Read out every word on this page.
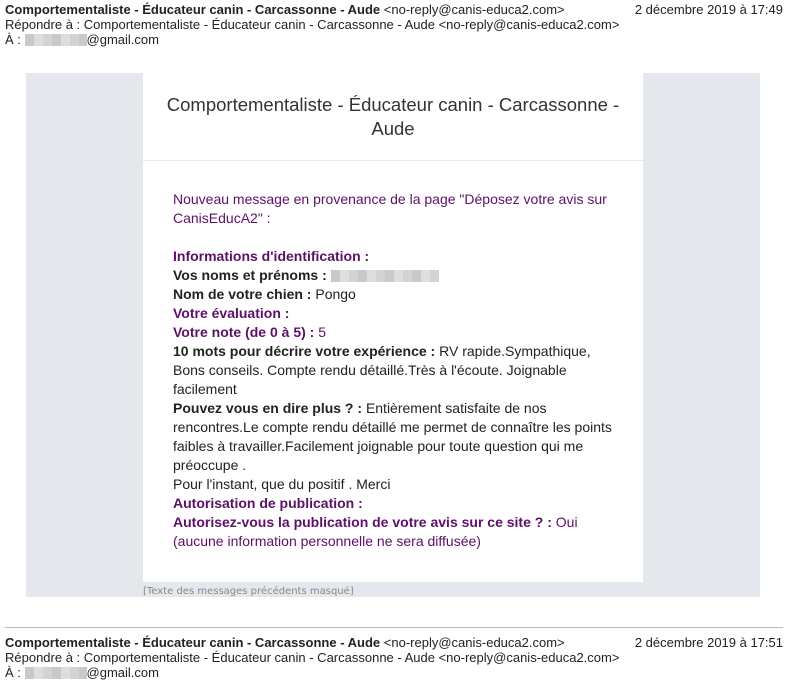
Comportementaliste - Éducateur canin - Carcassonne - Aude <no-reply@canis-educa2.com>	2 décembre 2019 à 17:49
Répondre à : Comportementaliste - Éducateur canin - Carcassonne - Aude <no-reply@canis-educa2.com>
À :	@gmail.com
Comportementaliste - Éducateur canin - Carcassonne - Aude

Nouveau message en provenance de la page "Déposez votre avis sur CanisEducA2" :

Informations d'identification :

Vos noms et prénoms :

Nom de votre chien : Pongo

Votre évaluation :

Votre note (de 0 à 5) : 5

10 mots pour décrire votre expérience : RV rapide.Sympathique, Bons conseils. Compte rendu détaillé.Très à l'écoute. Joignable facilement

Pouvez vous en dire plus ? : Entièrement satisfaite de nos rencontres.Le compte rendu détaillé me permet de connaître les points faibles à travailler.Facilement joignable pour toute question qui me préoccupe .

Pour l'instant, que du positif . Merci

Autorisation de publication :

Autorisez-vous la publication de votre avis sur ce site ? : Oui (aucune information personnelle ne sera diffusée)

[Texte des messages précédents masqué]
Comportementaliste - Éducateur canin - Carcassonne - Aude <no-reply@canis-educa2.com>	2 décembre 2019 à 17:51
Répondre à : Comportementaliste - Éducateur canin - Carcassonne - Aude <no-reply@canis-educa2.com>
À :	@gmail.com
